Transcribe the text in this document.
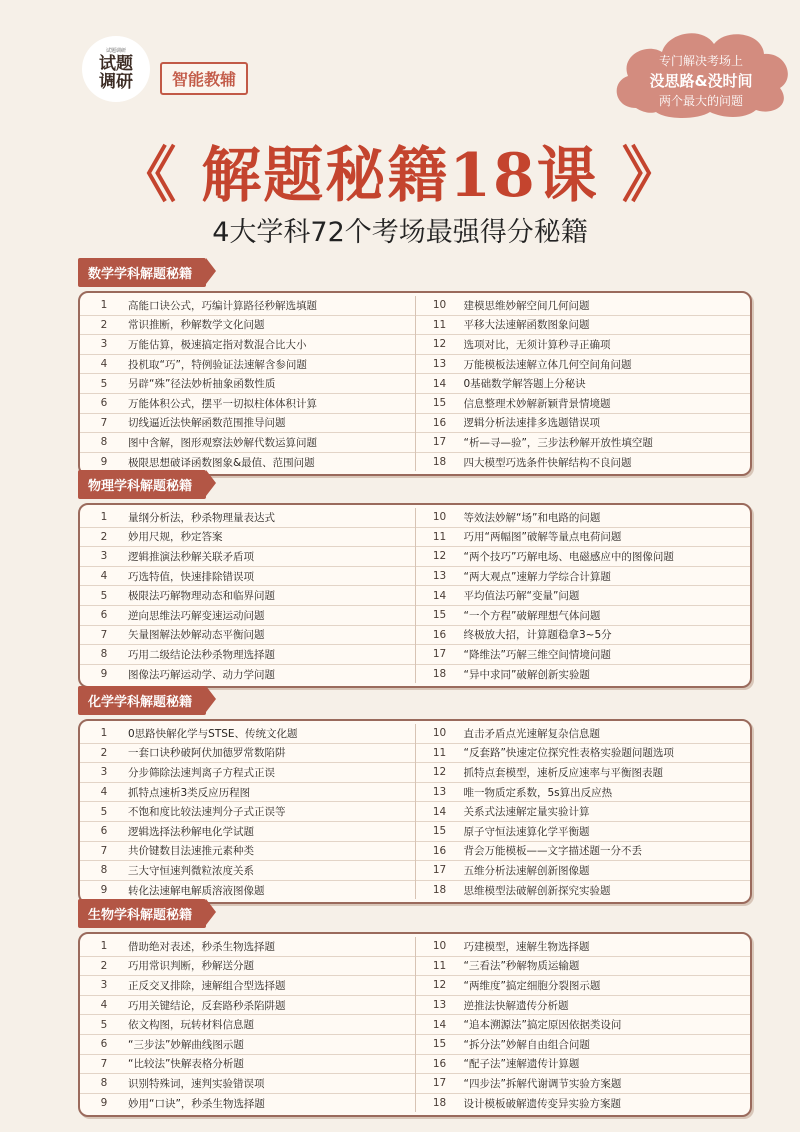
试题调研
试题
调研	智能教辅
专门解决考场上
没思路&没时间
两个最大的问题
《 解题秘籍18课 》
4大学科72个考场最强得分秘籍
数学学科解题秘籍
1	高能口诀公式，巧编计算路径秒解选填题
2	常识推断，秒解数学文化问题
3	万能估算，极速搞定指对数混合比大小
4	投机取“巧”，特例验证法速解含参问题
5	另辟“殊”径法妙析抽象函数性质
6	万能体积公式，摆平一切拟柱体体积计算
7	切线逼近法快解函数范围推导问题
8	图中含解，图形观察法妙解代数运算问题
9	极限思想破译函数图象&最值、范围问题
10	建模思维妙解空间几何问题
11	平移大法速解函数图象问题
12	选项对比，无须计算秒寻正确项
13	万能模板法速解立体几何空间角问题
14	0基础数学解答题上分秘诀
15	信息整理术妙解新颖背景情境题
16	逻辑分析法速排多选题错误项
17	“析—寻—验”，三步法秒解开放性填空题
18	四大模型巧选条件快解结构不良问题
物理学科解题秘籍
1	量纲分析法，秒杀物理量表达式
2	妙用尺规，秒定答案
3	逻辑推演法秒解关联矛盾项
4	巧选特值，快速排除错误项
5	极限法巧解物理动态和临界问题
6	逆向思维法巧解变速运动问题
7	矢量图解法妙解动态平衡问题
8	巧用二级结论法秒杀物理选择题
9	图像法巧解运动学、动力学问题
10	等效法妙解“场”和电路的问题
11	巧用“两幅图”破解等量点电荷问题
12	“两个技巧”巧解电场、电磁感应中的图像问题
13	“两大观点”速解力学综合计算题
14	平均值法巧解“变量”问题
15	“一个方程”破解理想气体问题
16	终极放大招，计算题稳拿3~5分
17	“降维法”巧解三维空间情境问题
18	“异中求同”破解创新实验题
化学学科解题秘籍
1	0思路快解化学与STSE、传统文化题
2	一套口诀秒破阿伏加德罗常数陷阱
3	分步筛除法速判离子方程式正误
4	抓特点速析3类反应历程图
5	不饱和度比较法速判分子式正误等
6	逻辑选择法秒解电化学试题
7	共价键数目法速推元素种类
8	三大守恒速判微粒浓度关系
9	转化法速解电解质溶液图像题
10	直击矛盾点光速解复杂信息题
11	“反套路”快速定位探究性表格实验题问题选项
12	抓特点套模型，速析反应速率与平衡图表题
13	唯一物质定系数，5s算出反应热
14	关系式法速解定量实验计算
15	原子守恒法速算化学平衡题
16	背会万能模板——文字描述题一分不丢
17	五维分析法速解创新图像题
18	思维模型法破解创新探究实验题
生物学科解题秘籍
1	借助绝对表述，秒杀生物选择题
2	巧用常识判断，秒解送分题
3	正反交叉排除，速解组合型选择题
4	巧用关键结论，反套路秒杀陷阱题
5	依文构图，玩转材料信息题
6	“三步法”妙解曲线图示题
7	“比较法”快解表格分析题
8	识别特殊词，速判实验错误项
9	妙用“口诀”，秒杀生物选择题
10	巧建模型，速解生物选择题
11	“三看法”秒解物质运输题
12	“两维度”搞定细胞分裂图示题
13	逆推法快解遗传分析题
14	“追本溯源法”搞定原因依据类设问
15	“拆分法”妙解自由组合问题
16	“配子法”速解遗传计算题
17	“四步法”拆解代谢调节实验方案题
18	设计模板破解遗传变异实验方案题
